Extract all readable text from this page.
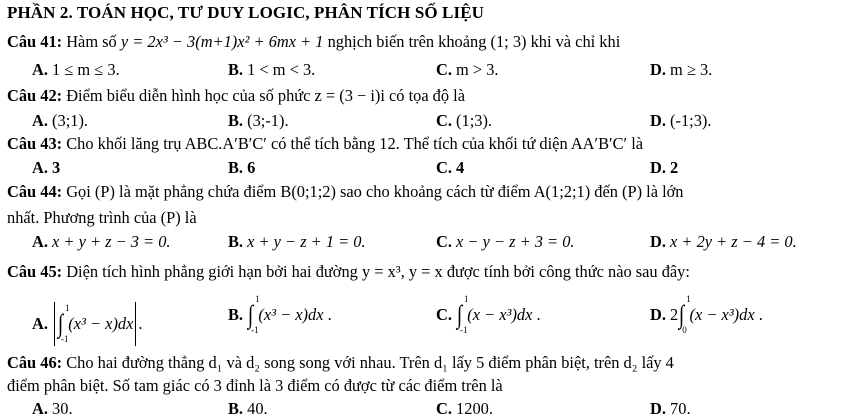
PHẦN 2. TOÁN HỌC, TƯ DUY LOGIC, PHÂN TÍCH SỐ LIỆU
Câu 41: Hàm số y = 2x³ − 3(m+1)x² + 6mx + 1 nghịch biến trên khoảng (1; 3) khi và chỉ khi
A. 1 ≤ m ≤ 3.	B. 1 < m < 3.	C. m > 3.	D. m ≥ 3.
Câu 42: Điểm biểu diễn hình học của số phức z = (3 − i)i có tọa độ là
A. (3;1).	B. (3;-1).	C. (1;3).	D. (-1;3).
Câu 43: Cho khối lăng trụ ABC.A′B′C′ có thể tích bằng 12. Thể tích của khối tứ diện AA′B′C′ là
A. 3	B. 6	C. 4	D. 2
Câu 44: Gọi (P) là mặt phẳng chứa điểm B(0;1;2) sao cho khoảng cách từ điểm A(1;2;1) đến (P) là lớn
nhất. Phương trình của (P) là
A. x + y + z − 3 = 0.	B. x + y − z + 1 = 0.	C. x − y − z + 3 = 0.	D. x + 2y + z − 4 = 0.
Câu 45: Diện tích hình phẳng giới hạn bởi hai đường y = x³, y = x được tính bởi công thức nào sau đây:
A. ∫
1
-1
(x³ − x)dx .	B. ∫
1
-1
(x³ − x)dx .	C. ∫
1
-1
(x − x³)dx .	D. 2∫
1
0
(x − x³)dx .
Câu 46: Cho hai đường thẳng d₁ và d₂ song song với nhau. Trên d₁ lấy 5 điểm phân biệt, trên d₂ lấy 4
điểm phân biệt. Số tam giác có 3 đỉnh là 3 điểm có được từ các điểm trên là
A. 30.	B. 40.	C. 1200.	D. 70.
